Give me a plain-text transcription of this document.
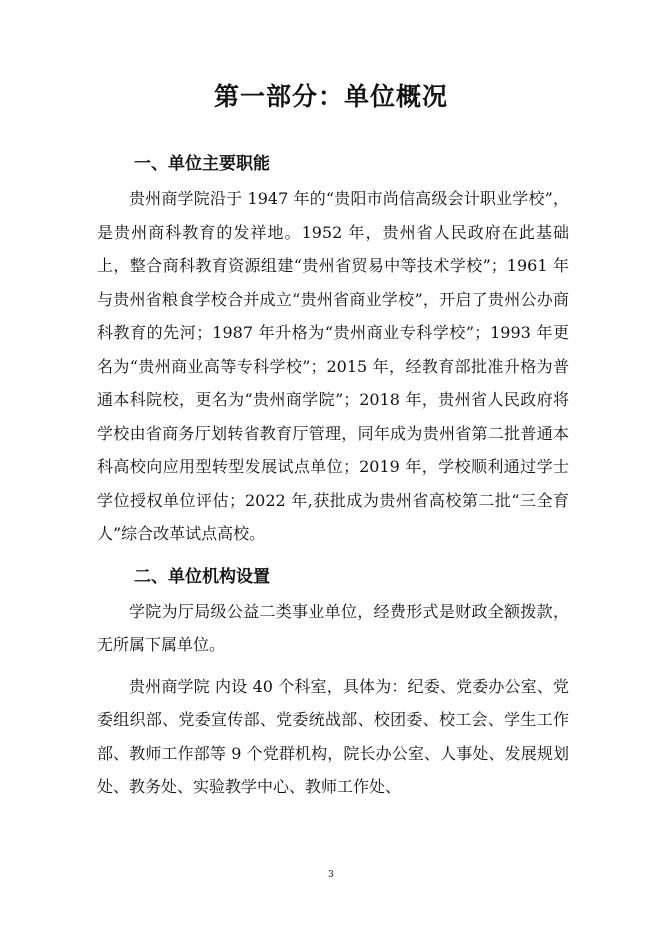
第一部分：单位概况
一、单位主要职能

贵州商学院沿于 1947 年的“贵阳市尚信高级会计职业学校”，是贵州商科教育的发祥地。1952 年，贵州省人民政府在此基础上，整合商科教育资源组建“贵州省贸易中等技术学校”；1961 年与贵州省粮食学校合并成立“贵州省商业学校”，开启了贵州公办商科教育的先河；1987 年升格为“贵州商业专科学校”；1993 年更名为“贵州商业高等专科学校”；2015 年，经教育部批准升格为普通本科院校，更名为“贵州商学院”；2018 年，贵州省人民政府将学校由省商务厅划转省教育厅管理，同年成为贵州省第二批普通本科高校向应用型转型发展试点单位；2019 年，学校顺利通过学士学位授权单位评估；2022 年,获批成为贵州省高校第二批“三全育人”综合改革试点高校。

二、单位机构设置

学院为厅局级公益二类事业单位，经费形式是财政全额拨款，无所属下属单位。

贵州商学院 内设 40 个科室，具体为：纪委、党委办公室、党委组织部、党委宣传部、党委统战部、校团委、校工会、学生工作部、教师工作部等 9 个党群机构，院长办公室、人事处、发展规划处、教务处、实验教学中心、教师工作处、

3
